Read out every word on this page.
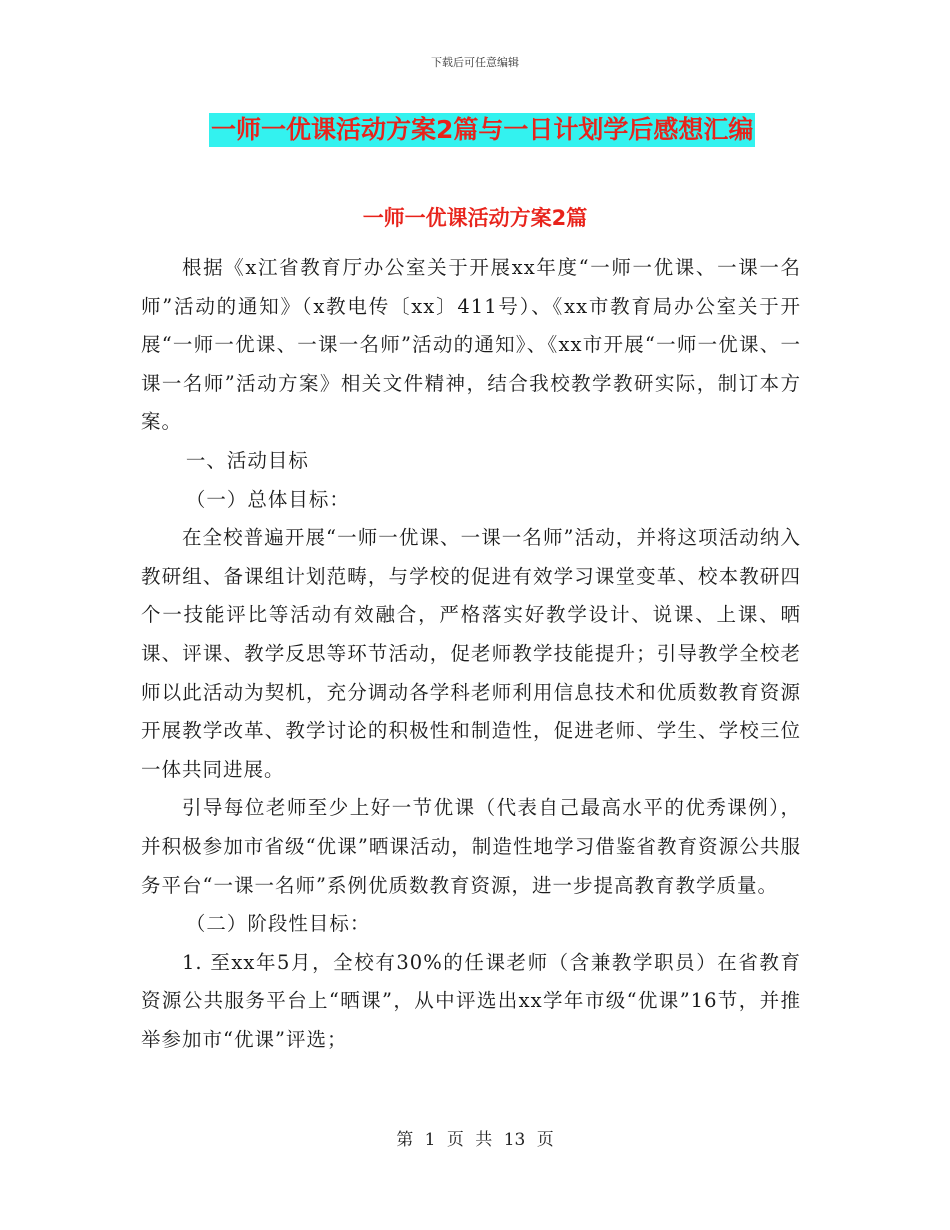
下载后可任意编辑
一师一优课活动方案2篇与一日计划学后感想汇编
一师一优课活动方案2篇

根据《x江省教育厅办公室关于开展xx年度“一师一优课、一课一名师”活动的通知》（x教电传〔xx〕411号）、《xx市教育局办公室关于开展“一师一优课、一课一名师”活动的通知》、《xx市开展“一师一优课、一课一名师”活动方案》相关文件精神，结合我校教学教研实际，制订本方案。

一、活动目标

（一）总体目标：

在全校普遍开展“一师一优课、一课一名师”活动，并将这项活动纳入教研组、备课组计划范畴，与学校的促进有效学习课堂变革、校本教研四个一技能评比等活动有效融合，严格落实好教学设计、说课、上课、晒课、评课、教学反思等环节活动，促老师教学技能提升；引导教学全校老师以此活动为契机，充分调动各学科老师利用信息技术和优质数教育资源开展教学改革、教学讨论的积极性和制造性，促进老师、学生、学校三位一体共同进展。

引导每位老师至少上好一节优课（代表自己最高水平的优秀课例），并积极参加市省级“优课”晒课活动，制造性地学习借鉴省教育资源公共服务平台“一课一名师”系例优质数教育资源，进一步提高教育教学质量。

（二）阶段性目标：

1. 至xx年5月，全校有30%的任课老师（含兼教学职员）在省教育资源公共服务平台上“晒课”，从中评选出xx学年市级“优课”16节，并推举参加市“优课”评选；

第 1 页 共 13 页
